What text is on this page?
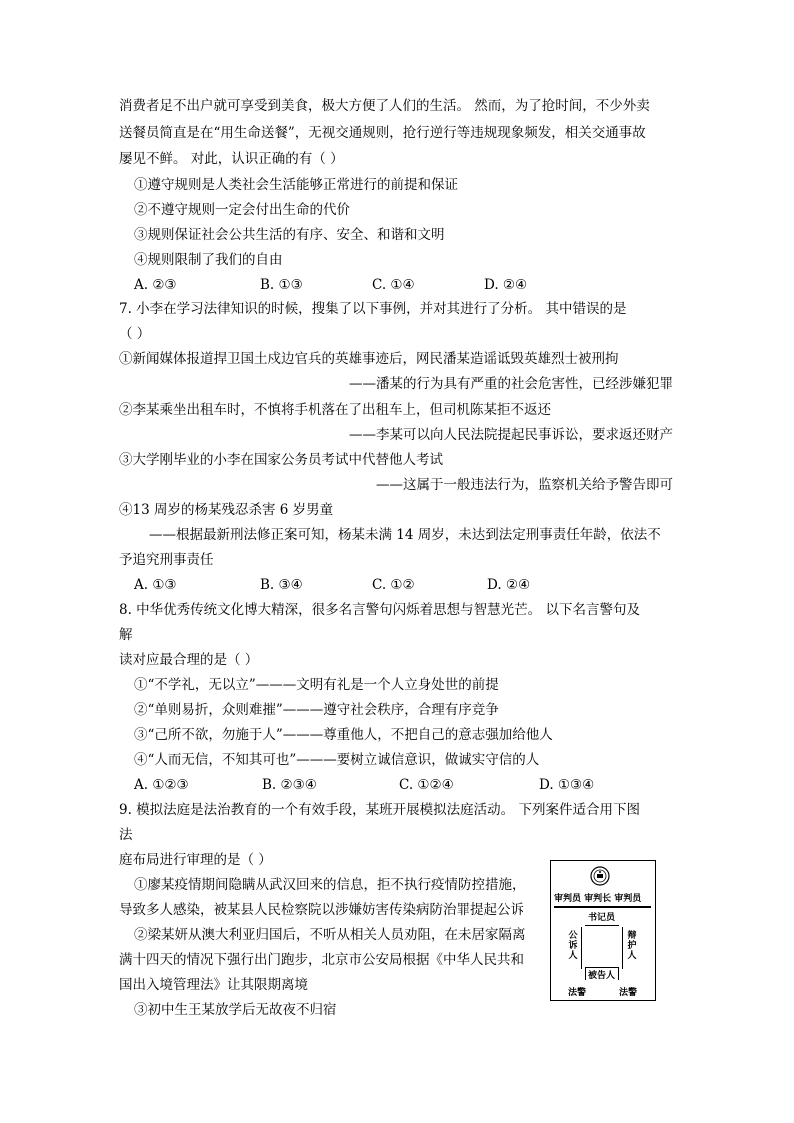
消费者足不出户就可享受到美食，极大方便了人们的生活。 然而，为了抢时间，不少外卖
送餐员简直是在“用生命送餐”，无视交通规则，抢行逆行等违规现象频发，相关交通事故
屡见不鲜。 对此，认识正确的有（ ）
①遵守规则是人类社会生活能够正常进行的前提和保证
②不遵守规则一定会付出生命的代价
③规则保证社会公共生活的有序、安全、和谐和文明
④规则限制了我们的自由
A. ②③	B. ①③	C. ①④	D. ②④
7. 小李在学习法律知识的时候，搜集了以下事例，并对其进行了分析。 其中错误的是
（ ）
①新闻媒体报道捍卫国土戍边官兵的英雄事迹后，网民潘某造谣诋毁英雄烈士被刑拘
——潘某的行为具有严重的社会危害性，已经涉嫌犯罪
②李某乘坐出租车时，不慎将手机落在了出租车上，但司机陈某拒不返还
——李某可以向人民法院提起民事诉讼，要求返还财产
③大学刚毕业的小李在国家公务员考试中代替他人考试
——这属于一般违法行为，监察机关给予警告即可
④13 周岁的杨某残忍杀害 6 岁男童
——根据最新刑法修正案可知，杨某未满 14 周岁，未达到法定刑事责任年龄，依法不
予追究刑事责任
A. ①③	B. ③④	C. ①②	D. ②④
8. 中华优秀传统文化博大精深，很多名言警句闪烁着思想与智慧光芒。 以下名言警句及
解
读对应最合理的是（ ）
①“不学礼，无以立”———文明有礼是一个人立身处世的前提
②“单则易折，众则难摧”———遵守社会秩序，合理有序竞争
③“己所不欲，勿施于人”———尊重他人，不把自己的意志强加给他人
④“人而无信，不知其可也”———要树立诚信意识，做诚实守信的人
A. ①②③	B. ②③④	C. ①②④	D. ①③④
9. 模拟法庭是法治教育的一个有效手段，某班开展模拟法庭活动。 下列案件适合用下图
法
庭布局进行审理的是（ ）
①廖某疫情期间隐瞒从武汉回来的信息，拒不执行疫情防控措施，
导致多人感染，被某县人民检察院以涉嫌妨害传染病防治罪提起公诉
②梁某妍从澳大利亚归国后，不听从相关人员劝阻，在未居家隔离
满十四天的情况下强行出门跑步，北京市公安局根据《中华人民共和
国出入境管理法》让其限期离境
③初中生王某放学后无故夜不归宿
审判员 审判长 审判员
书记员
公诉人
辩护人
被告人
法警	法警
